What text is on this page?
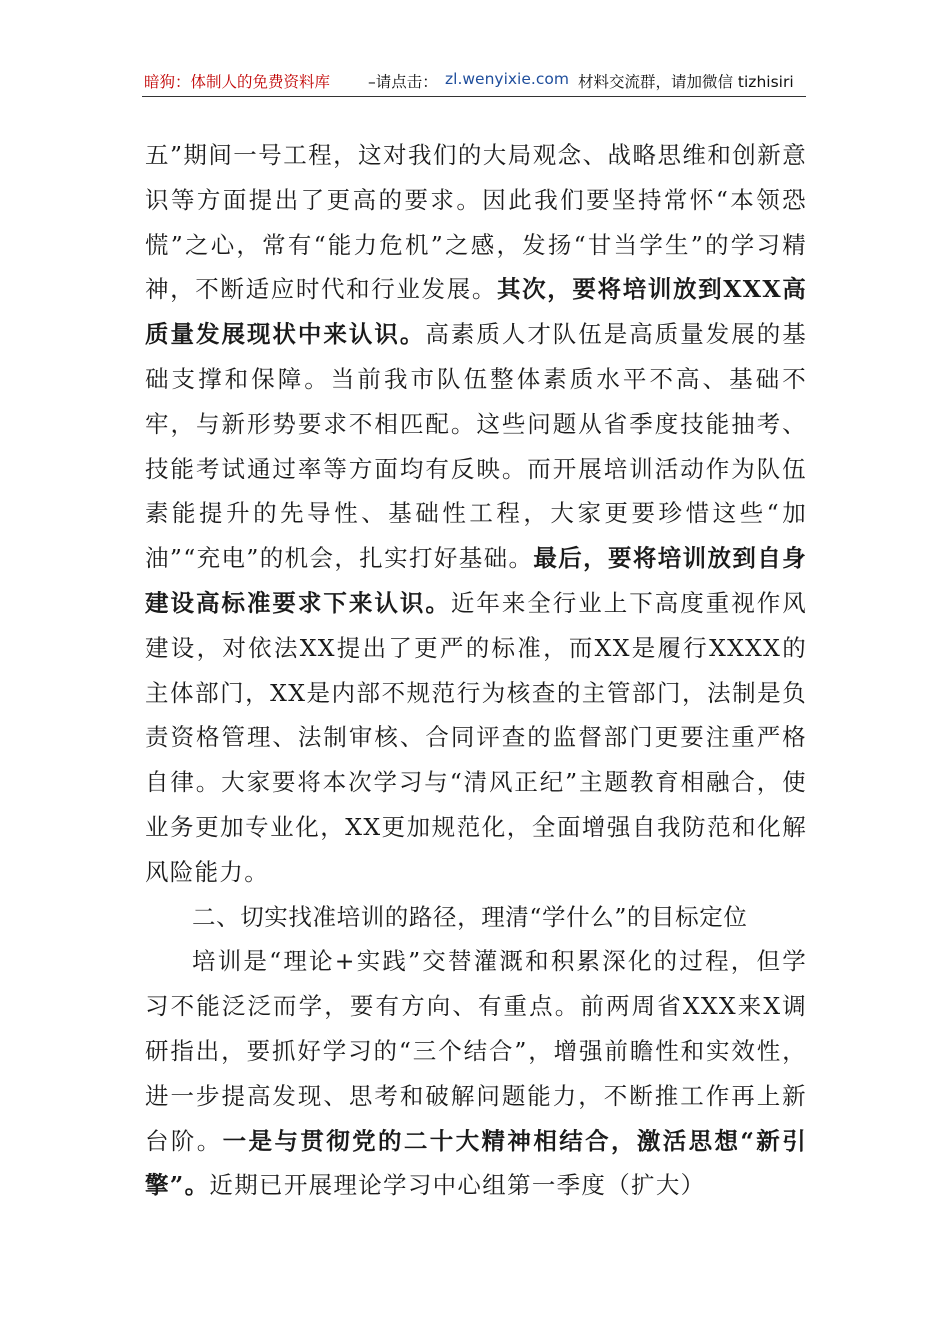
暗狗：体制人的免费资料库 –请点击： zl.wenyixie.com 材料交流群，请加微信 tizhisiri

五”期间一号工程，这对我们的大局观念、战略思维和创新意识等方面提出了更高的要求。因此我们要坚持常怀“本领恐慌”之心，常有“能力危机”之感，发扬“甘当学生”的学习精神，不断适应时代和行业发展。其次，要将培训放到XXX高质量发展现状中来认识。高素质人才队伍是高质量发展的基础支撑和保障。当前我市队伍整体素质水平不高、基础不牢，与新形势要求不相匹配。这些问题从省季度技能抽考、技能考试通过率等方面均有反映。而开展培训活动作为队伍素能提升的先导性、基础性工程，大家更要珍惜这些“加油”“充电”的机会，扎实打好基础。最后，要将培训放到自身建设高标准要求下来认识。近年来全行业上下高度重视作风建设，对依法XX提出了更严的标准，而XX是履行XXXX的主体部门，XX是内部不规范行为核查的主管部门，法制是负责资格管理、法制审核、合同评查的监督部门更要注重严格自律。大家要将本次学习与“清风正纪”主题教育相融合，使业务更加专业化，XX更加规范化，全面增强自我防范和化解风险能力。

二、切实找准培训的路径，理清“学什么”的目标定位

培训是“理论+实践”交替灌溉和积累深化的过程，但学习不能泛泛而学，要有方向、有重点。前两周省XXX来X调研指出，要抓好学习的“三个结合”，增强前瞻性和实效性，进一步提高发现、思考和破解问题能力，不断推工作再上新台阶。一是与贯彻党的二十大精神相结合，激活思想“新引擎”。近期已开展理论学习中心组第一季度（扩大）
